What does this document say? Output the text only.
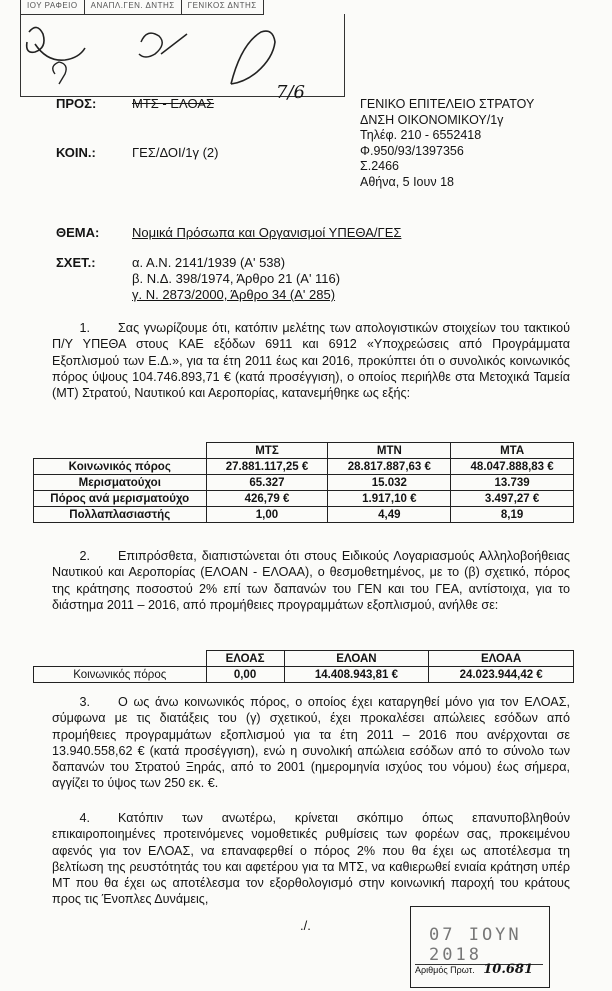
ΙΟΥ ΡΑΦΕΙΟ	ΑΝΑΠΛ.ΓΕΝ. ΔΝΤΗΣ	ΓΕΝΙΚΟΣ ΔΝΤΗΣ
7/6
ΠΡΟΣ:	ΜΤΣ - ΕΛΟΑΣ
ΚΟΙΝ.:	ΓΕΣ/ΔΟΙ/1γ (2)
ΓΕΝΙΚΟ ΕΠΙΤΕΛΕΙΟ ΣΤΡΑΤΟΥ
ΔΝΣΗ ΟΙΚΟΝΟΜΙΚΟΥ/1γ
Τηλέφ. 210 - 6552418
Φ.950/93/1397356
Σ.2466
Αθήνα, 5 Ιουν 18
ΘΕΜΑ:	Νομικά Πρόσωπα και Οργανισμοί ΥΠΕΘΑ/ΓΕΣ
ΣΧΕΤ.:	α. Α.Ν. 2141/1939 (Α' 538)
β. Ν.Δ. 398/1974, Άρθρο 21 (Α' 116)
γ. Ν. 2873/2000, Άρθρο 34 (Α' 285)
1. Σας γνωρίζουμε ότι, κατόπιν μελέτης των απολογιστικών στοιχείων του τακτικού Π/Υ ΥΠΕΘΑ στους ΚΑΕ εξόδων 6911 και 6912 «Υποχρεώσεις από Προγράμματα Εξοπλισμού των Ε.Δ.», για τα έτη 2011 έως και 2016, προκύπτει ότι ο συνολικός κοινωνικός πόρος ύψους 104.746.893,71 € (κατά προσέγγιση), ο οποίος περιήλθε στα Μετοχικά Ταμεία (ΜΤ) Στρατού, Ναυτικού και Αεροπορίας, κατανεμήθηκε ως εξής:
	ΜΤΣ	ΜΤΝ	ΜΤΑ
Κοινωνικός πόρος	27.881.117,25 €	28.817.887,63 €	48.047.888,83 €
Μερισματούχοι	65.327	15.032	13.739
Πόρος ανά μερισματούχο	426,79 €	1.917,10 €	3.497,27 €
Πολλαπλασιαστής	1,00	4,49	8,19
2. Επιπρόσθετα, διαπιστώνεται ότι στους Ειδικούς Λογαριασμούς Αλληλοβοήθειας Ναυτικού και Αεροπορίας (ΕΛΟΑΝ - ΕΛΟΑΑ), ο θεσμοθετημένος, με το (β) σχετικό, πόρος της κράτησης ποσοστού 2% επί των δαπανών του ΓΕΝ και του ΓΕΑ, αντίστοιχα, για το διάστημα 2011 – 2016, από προμήθειες προγραμμάτων εξοπλισμού, ανήλθε σε:
	ΕΛΟΑΣ	ΕΛΟΑΝ	ΕΛΟΑΑ
Κοινωνικός πόρος	0,00	14.408.943,81 €	24.023.944,42 €
3. Ο ως άνω κοινωνικός πόρος, ο οποίος έχει καταργηθεί μόνο για τον ΕΛΟΑΣ, σύμφωνα με τις διατάξεις του (γ) σχετικού, έχει προκαλέσει απώλειες εσόδων από προμήθειες προγραμμάτων εξοπλισμού για τα έτη 2011 – 2016 που ανέρχονται σε 13.940.558,62 € (κατά προσέγγιση), ενώ η συνολική απώλεια εσόδων από το σύνολο των δαπανών του Στρατού Ξηράς, από το 2001 (ημερομηνία ισχύος του νόμου) έως σήμερα, αγγίζει το ύψος των 250 εκ. €.
4. Κατόπιν των ανωτέρω, κρίνεται σκόπιμο όπως επανυποβληθούν επικαιροποιημένες προτεινόμενες νομοθετικές ρυθμίσεις των φορέων σας, προκειμένου αφενός για τον ΕΛΟΑΣ, να επαναφερθεί ο πόρος 2% που θα έχει ως αποτέλεσμα τη βελτίωση της ρευστότητάς του και αφετέρου για τα ΜΤΣ, να καθιερωθεί ενιαία κράτηση υπέρ ΜΤ που θα έχει ως αποτέλεσμα τον εξορθολογισμό στην κοινωνική παροχή του κράτους προς τις Ένοπλες Δυνάμεις,
./.	07 ΙΟΥΝ 2018
Αριθμός Πρωτ. 10.681
